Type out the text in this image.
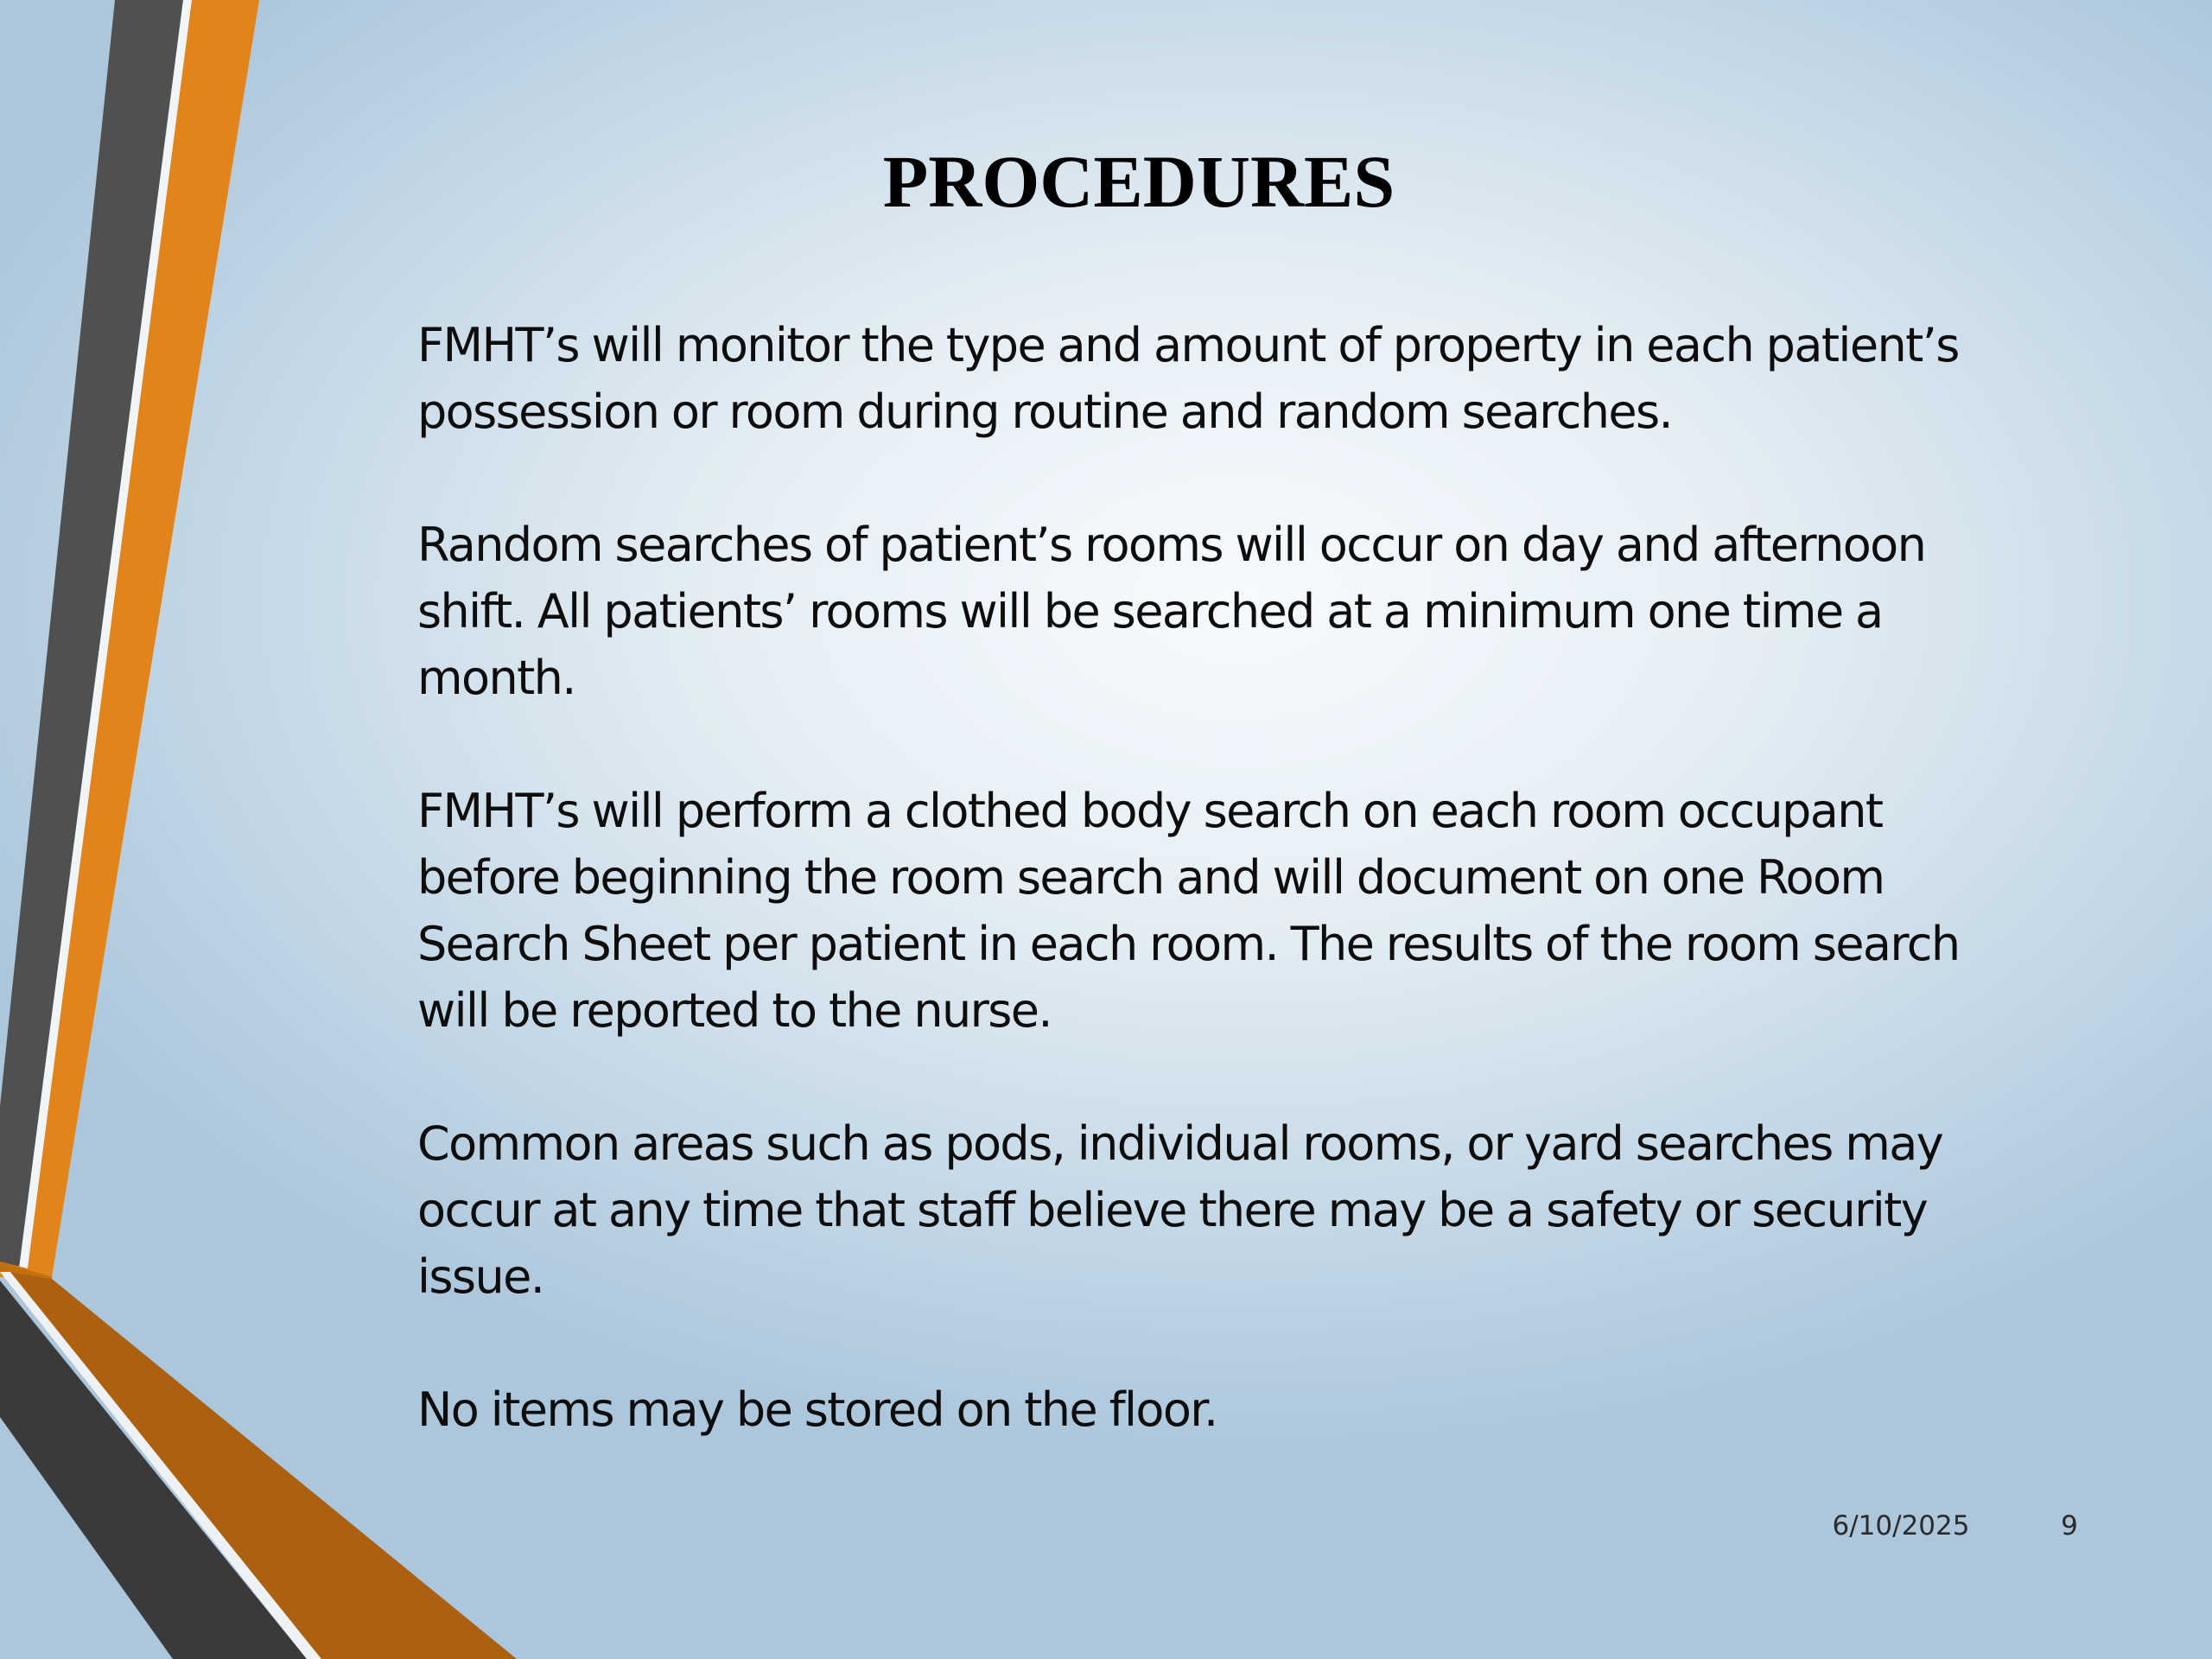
PROCEDURES

FMHT’s will monitor the type and amount of property in each patient’s
possession or room during routine and random searches.

Random searches of patient’s rooms will occur on day and afternoon
shift. All patients’ rooms will be searched at a minimum one time a
month.

FMHT’s will perform a clothed body search on each room occupant
before beginning the room search and will document on one Room
Search Sheet per patient in each room. The results of the room search
will be reported to the nurse.

Common areas such as pods, individual rooms, or yard searches may
occur at any time that staff believe there may be a safety or security
issue.

No items may be stored on the floor.

6/10/2025	9
